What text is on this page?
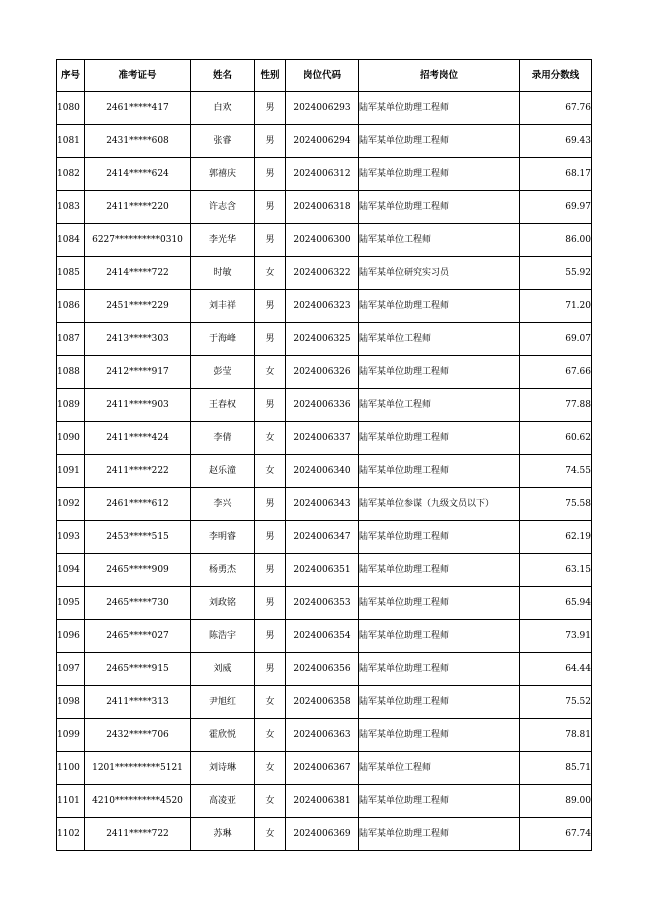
序号	准考证号	姓名	性别	岗位代码	招考岗位	录用分数线
1080	2461*****417	白欢	男	2024006293	陆军某单位助理工程师	67.76
1081	2431*****608	张睿	男	2024006294	陆军某单位助理工程师	69.43
1082	2414*****624	郭禧庆	男	2024006312	陆军某单位助理工程师	68.17
1083	2411*****220	许志含	男	2024006318	陆军某单位助理工程师	69.97
1084	6227**********0310	李光华	男	2024006300	陆军某单位工程师	86.00
1085	2414*****722	时敏	女	2024006322	陆军某单位研究实习员	55.92
1086	2451*****229	刘丰祥	男	2024006323	陆军某单位助理工程师	71.20
1087	2413*****303	于海峰	男	2024006325	陆军某单位工程师	69.07
1088	2412*****917	彭莹	女	2024006326	陆军某单位助理工程师	67.66
1089	2411*****903	王春权	男	2024006336	陆军某单位工程师	77.88
1090	2411*****424	李倩	女	2024006337	陆军某单位助理工程师	60.62
1091	2411*****222	赵乐潼	女	2024006340	陆军某单位助理工程师	74.55
1092	2461*****612	李兴	男	2024006343	陆军某单位参谋（九级文员以下）	75.58
1093	2453*****515	李明睿	男	2024006347	陆军某单位助理工程师	62.19
1094	2465*****909	杨勇杰	男	2024006351	陆军某单位助理工程师	63.15
1095	2465*****730	刘政铭	男	2024006353	陆军某单位助理工程师	65.94
1096	2465*****027	陈浩宇	男	2024006354	陆军某单位助理工程师	73.91
1097	2465*****915	刘威	男	2024006356	陆军某单位助理工程师	64.44
1098	2411*****313	尹旭红	女	2024006358	陆军某单位助理工程师	75.52
1099	2432*****706	霍欣悦	女	2024006363	陆军某单位助理工程师	78.81
1100	1201**********5121	刘诗琳	女	2024006367	陆军某单位工程师	85.71
1101	4210**********4520	高凌亚	女	2024006381	陆军某单位助理工程师	89.00
1102	2411*****722	苏琳	女	2024006369	陆军某单位助理工程师	67.74
